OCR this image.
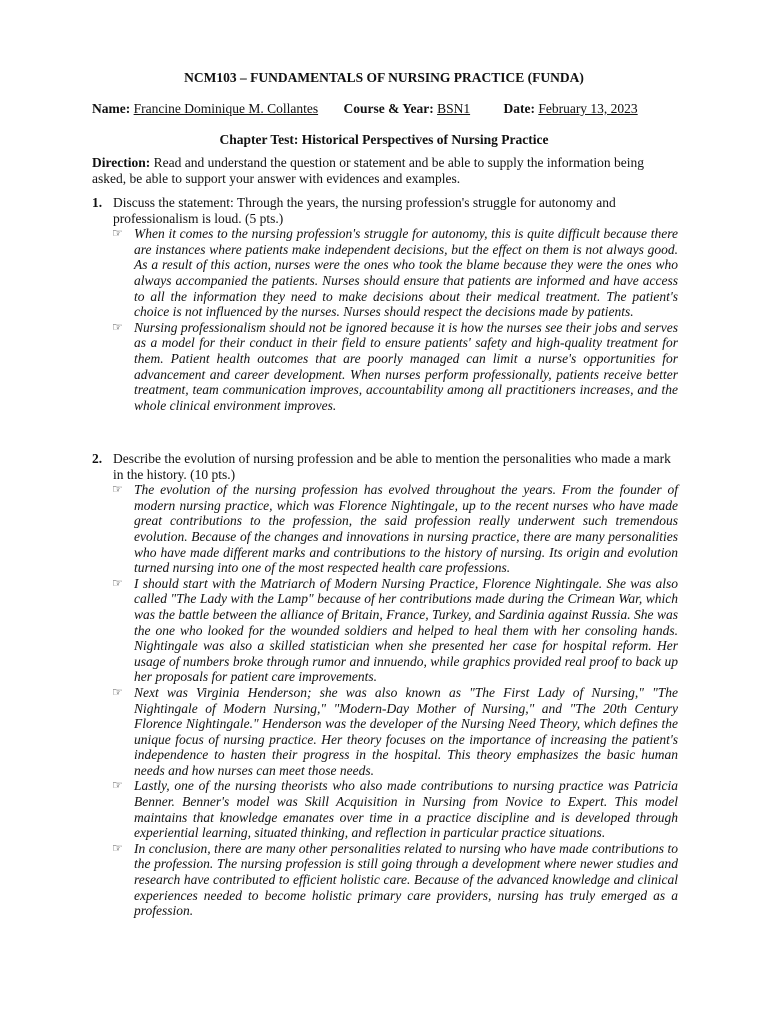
NCM103 – FUNDAMENTALS OF NURSING PRACTICE (FUNDA)
Name: Francine Dominique M. Collantes Course & Year: BSN1 Date: February 13, 2023
Chapter Test: Historical Perspectives of Nursing Practice
Direction: Read and understand the question or statement and be able to supply the information being asked, be able to support your answer with evidences and examples.
1. Discuss the statement: Through the years, the nursing profession's struggle for autonomy and professionalism is loud. (5 pts.)
☞ When it comes to the nursing profession's struggle for autonomy, this is quite difficult because there are instances where patients make independent decisions, but the effect on them is not always good. As a result of this action, nurses were the ones who took the blame because they were the ones who always accompanied the patients. Nurses should ensure that patients are informed and have access to all the information they need to make decisions about their medical treatment. The patient's choice is not influenced by the nurses. Nurses should respect the decisions made by patients.
☞ Nursing professionalism should not be ignored because it is how the nurses see their jobs and serves as a model for their conduct in their field to ensure patients' safety and high-quality treatment for them. Patient health outcomes that are poorly managed can limit a nurse's opportunities for advancement and career development. When nurses perform professionally, patients receive better treatment, team communication improves, accountability among all practitioners increases, and the whole clinical environment improves.
2. Describe the evolution of nursing profession and be able to mention the personalities who made a mark in the history. (10 pts.)
☞ The evolution of the nursing profession has evolved throughout the years. From the founder of modern nursing practice, which was Florence Nightingale, up to the recent nurses who have made great contributions to the profession, the said profession really underwent such tremendous evolution. Because of the changes and innovations in nursing practice, there are many personalities who have made different marks and contributions to the history of nursing. Its origin and evolution turned nursing into one of the most respected health care professions.
☞ I should start with the Matriarch of Modern Nursing Practice, Florence Nightingale. She was also called "The Lady with the Lamp" because of her contributions made during the Crimean War, which was the battle between the alliance of Britain, France, Turkey, and Sardinia against Russia. She was the one who looked for the wounded soldiers and helped to heal them with her consoling hands. Nightingale was also a skilled statistician when she presented her case for hospital reform. Her usage of numbers broke through rumor and innuendo, while graphics provided real proof to back up her proposals for patient care improvements.
☞ Next was Virginia Henderson; she was also known as "The First Lady of Nursing," "The Nightingale of Modern Nursing," "Modern-Day Mother of Nursing," and "The 20th Century Florence Nightingale." Henderson was the developer of the Nursing Need Theory, which defines the unique focus of nursing practice. Her theory focuses on the importance of increasing the patient's independence to hasten their progress in the hospital. This theory emphasizes the basic human needs and how nurses can meet those needs.
☞ Lastly, one of the nursing theorists who also made contributions to nursing practice was Patricia Benner. Benner's model was Skill Acquisition in Nursing from Novice to Expert. This model maintains that knowledge emanates over time in a practice discipline and is developed through experiential learning, situated thinking, and reflection in particular practice situations.
☞ In conclusion, there are many other personalities related to nursing who have made contributions to the profession. The nursing profession is still going through a development where newer studies and research have contributed to efficient holistic care. Because of the advanced knowledge and clinical experiences needed to become holistic primary care providers, nursing has truly emerged as a profession.
